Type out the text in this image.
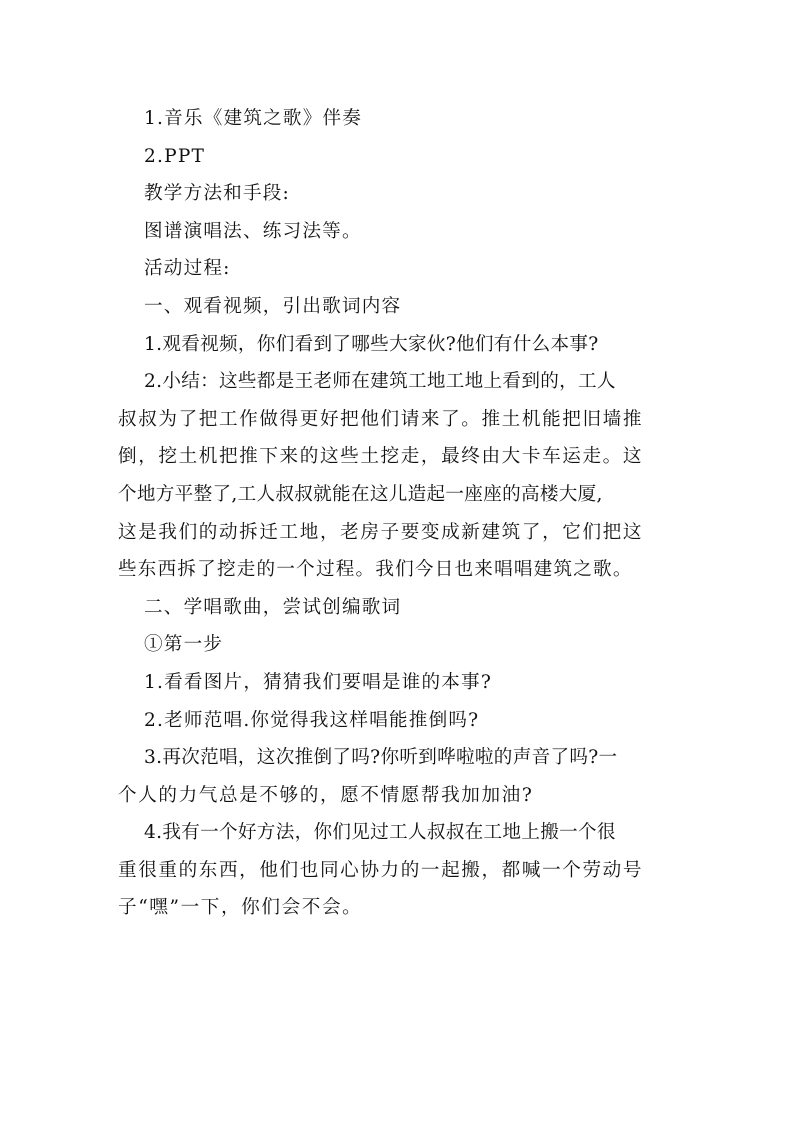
1.音乐《建筑之歌》伴奏
2.PPT
教学方法和手段:
图谱演唱法、练习法等。
活动过程:
一、观看视频，引出歌词内容
1.观看视频，你们看到了哪些大家伙?他们有什么本事?
2.小结：这些都是王老师在建筑工地工地上看到的，工人
叔叔为了把工作做得更好把他们请来了。推土机能把旧墙推
倒，挖土机把推下来的这些土挖走，最终由大卡车运走。这
个地方平整了,工人叔叔就能在这儿造起一座座的高楼大厦,
这是我们的动拆迁工地，老房子要变成新建筑了，它们把这
些东西拆了挖走的一个过程。我们今日也来唱唱建筑之歌。
二、学唱歌曲，尝试创编歌词
①第一步
1.看看图片，猜猜我们要唱是谁的本事?
2.老师范唱.你觉得我这样唱能推倒吗?
3.再次范唱，这次推倒了吗?你听到哗啦啦的声音了吗?一
个人的力气总是不够的，愿不情愿帮我加加油?
4.我有一个好方法，你们见过工人叔叔在工地上搬一个很
重很重的东西，他们也同心协力的一起搬，都喊一个劳动号
子“嘿”一下，你们会不会。
